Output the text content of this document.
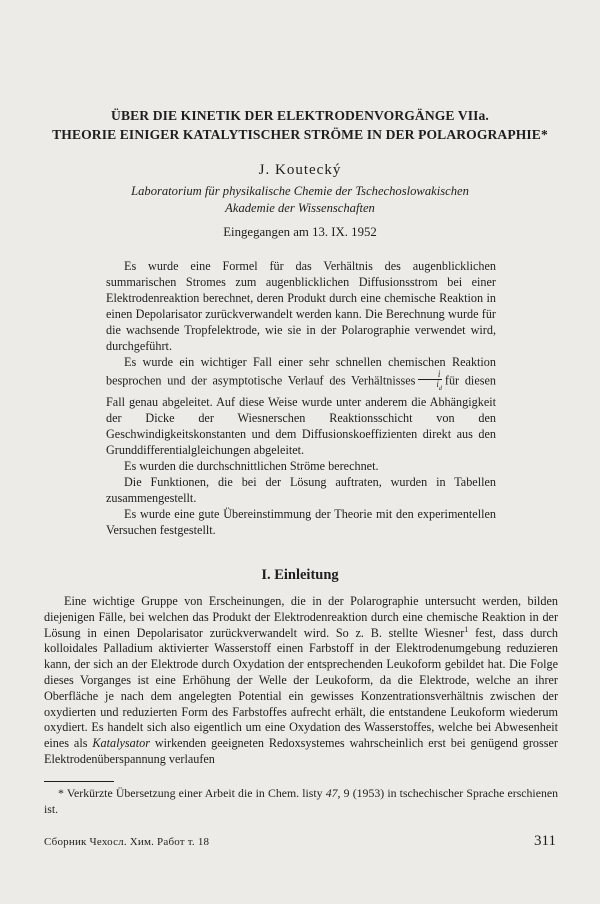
ÜBER DIE KINETIK DER ELEKTRODENVORGÄNGE VIIa.
THEORIE EINIGER KATALYTISCHER STRÖME IN DER POLAROGRAPHIE*
J. Koutecký
Laboratorium für physikalische Chemie der Tschechoslowakischen
Akademie der Wissenschaften
Eingegangen am 13. IX. 1952

Es wurde eine Formel für das Verhältnis des augenblicklichen summarischen Stromes zum augenblicklichen Diffusionsstrom bei einer Elektrodenreaktion berechnet, deren Produkt durch eine chemische Reaktion in einen Depolarisator zurückverwandelt werden kann. Die Berechnung wurde für die wachsende Tropfelektrode, wie sie in der Polarographie verwendet wird, durchgeführt.

Es wurde ein wichtiger Fall einer sehr schnellen chemischen Reaktion besprochen und der asymptotische Verlauf des Verhältnisses $\frac{i}{i_d}$ für diesen Fall genau abgeleitet. Auf diese Weise wurde unter anderem die Abhängigkeit der Dicke der Wiesnerschen Reaktionsschicht von den Geschwindigkeitskonstanten und dem Diffusionskoeffizienten direkt aus den Grunddifferentialgleichungen abgeleitet.

Es wurden die durchschnittlichen Ströme berechnet.

Die Funktionen, die bei der Lösung auftraten, wurden in Tabellen zusammengestellt.

Es wurde eine gute Übereinstimmung der Theorie mit den experimentellen Versuchen festgestellt.

I. Einleitung

Eine wichtige Gruppe von Erscheinungen, die in der Polarographie untersucht werden, bilden diejenigen Fälle, bei welchen das Produkt der Elektrodenreaktion durch eine chemische Reaktion in der Lösung in einen Depolarisator zurückverwandelt wird. So z. B. stellte Wiesner$^1$ fest, dass durch kolloidales Palladium aktivierter Wasserstoff einen Farbstoff in der Elektrodenumgebung reduzieren kann, der sich an der Elektrode durch Oxydation der entsprechenden Leukoform gebildet hat. Die Folge dieses Vorganges ist eine Erhöhung der Welle der Leukoform, da die Elektrode, welche an ihrer Oberfläche je nach dem angelegten Potential ein gewisses Konzentrationsverhältnis zwischen der oxydierten und reduzierten Form des Farbstoffes aufrecht erhält, die entstandene Leukoform wiederum oxydiert. Es handelt sich also eigentlich um eine Oxydation des Wasserstoffes, welche bei Abwesenheit eines als Katalysator wirkenden geeigneten Redoxsystemes wahrscheinlich erst bei genügend grosser Elektrodenüberspannung verlaufen

* Verkürzte Übersetzung einer Arbeit die in Chem. listy 47, 9 (1953) in tschechischer Sprache erschienen ist.

Сборник Чехосл. Хим. Работ т. 18	311
